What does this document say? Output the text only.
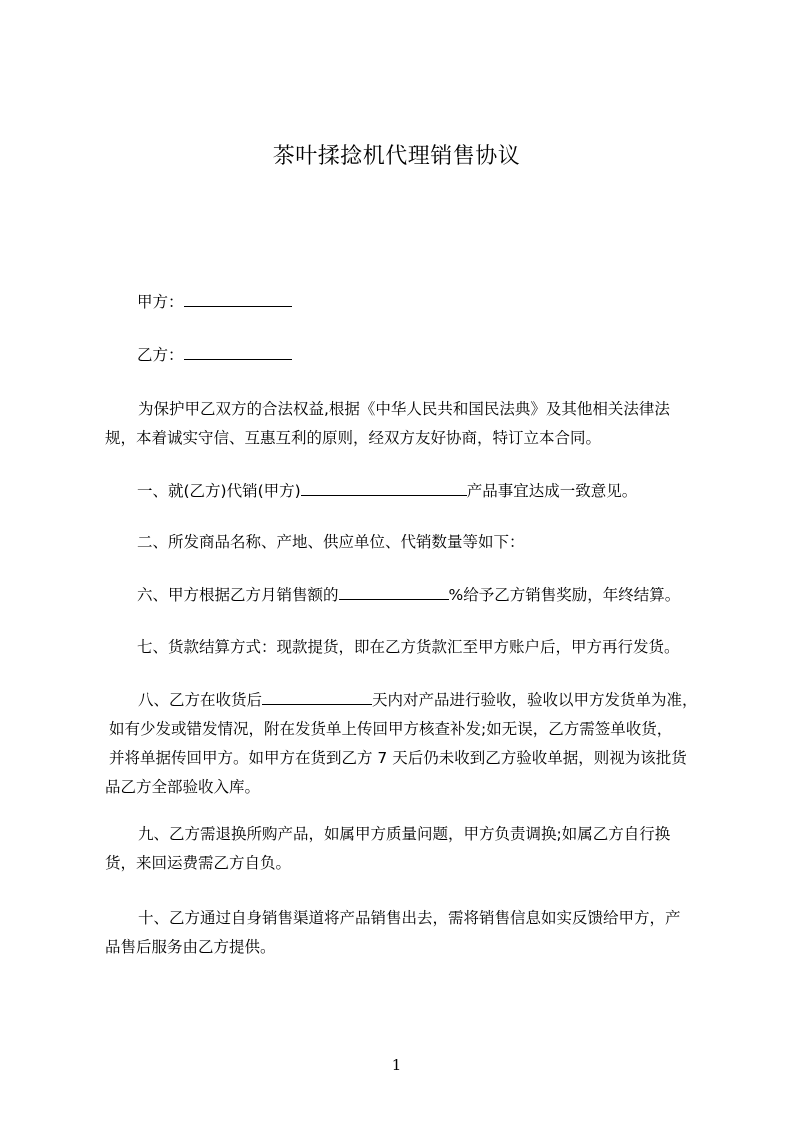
茶叶揉捻机代理销售协议
甲方：
乙方：
为保护甲乙双方的合法权益,根据《中华人民共和国民法典》及其他相关法律法
规，本着诚实守信、互惠互利的原则，经双方友好协商，特订立本合同。
一、就(乙方)代销(甲方)	产品事宜达成一致意见。
二、所发商品名称、产地、供应单位、代销数量等如下：
六、甲方根据乙方月销售额的	%给予乙方销售奖励，年终结算。
七、货款结算方式：现款提货，即在乙方货款汇至甲方账户后，甲方再行发货。
八、乙方在收货后	天内对产品进行验收，验收以甲方发货单为准，
如有少发或错发情况，附在发货单上传回甲方核查补发;如无误，乙方需签单收货，
并将单据传回甲方。如甲方在货到乙方 7 天后仍未收到乙方验收单据，则视为该批货
品乙方全部验收入库。
九、乙方需退换所购产品，如属甲方质量问题，甲方负责调换;如属乙方自行换
货，来回运费需乙方自负。
十、乙方通过自身销售渠道将产品销售出去，需将销售信息如实反馈给甲方，产
品售后服务由乙方提供。
1
